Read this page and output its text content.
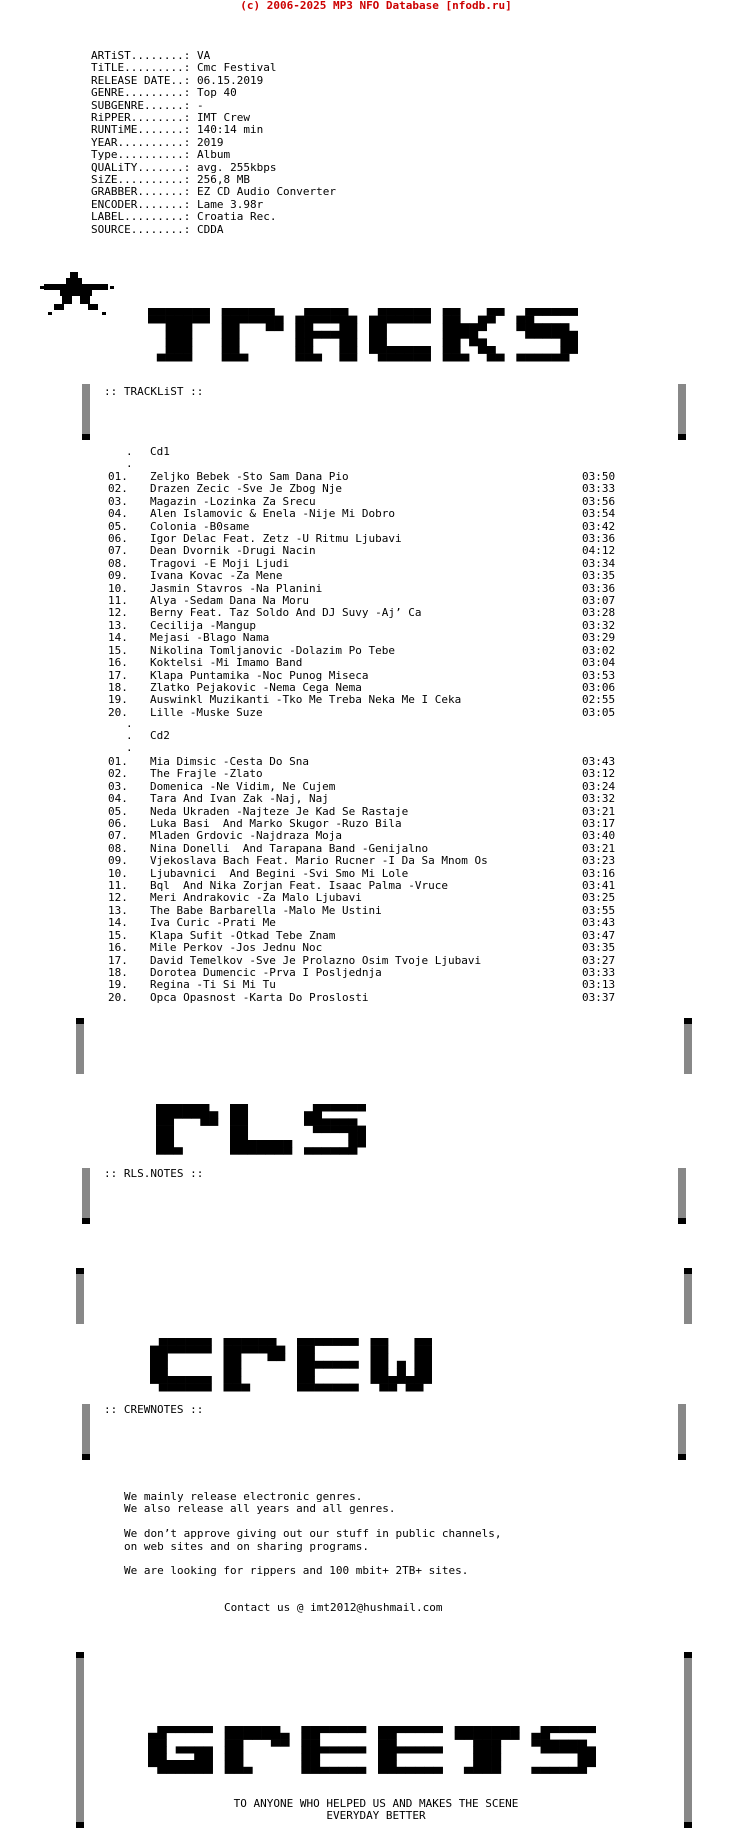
(c) 2006-2025 MP3 NFO Database [nfodb.ru]
ARTiST........: VA
TiTLE.........: Cmc Festival
RELEASE DATE..: 06.15.2019
GENRE.........: Top 40
SUBGENRE......: -
RiPPER........: IMT Crew
RUNTiME.......: 140:14 min
YEAR..........: 2019
Type..........: Album
QUALiTY.......: avg. 255kbps
SiZE..........: 256,8 MB
GRABBER.......: EZ CD Audio Converter
ENCODER.......: Lame 3.98r
LABEL.........: Croatia Rec.
SOURCE........: CDDA
:: TRACKLiST ::
. Cd1
.
01. Zeljko Bebek -Sto Sam Dana Pio	03:50
02. Drazen Zecic -Sve Je Zbog Nje	03:33
03. Magazin -Lozinka Za Srecu	03:56
04. Alen Islamovic & Enela -Nije Mi Dobro	03:54
05. Colonia -B0same	03:42
06. Igor Delac Feat. Zetz -U Ritmu Ljubavi	03:36
07. Dean Dvornik -Drugi Nacin	04:12
08. Tragovi -E Moji Ljudi	03:34
09. Ivana Kovac -Za Mene	03:35
10. Jasmin Stavros -Na Planini	03:36
11. Alya -Sedam Dana Na Moru	03:07
12. Berny Feat. Taz Soldo And DJ Suvy -Aj’ Ca	03:28
13. Cecilija -Mangup	03:32
14. Mejasi -Blago Nama	03:29
15. Nikolina Tomljanovic -Dolazim Po Tebe	03:02
16. Koktelsi -Mi Imamo Band	03:04
17. Klapa Puntamika -Noc Punog Miseca	03:53
18. Zlatko Pejakovic -Nema Cega Nema	03:06
19. Auswinkl Muzikanti -Tko Me Treba Neka Me I Ceka	02:55
20. Lille -Muske Suze	03:05
.
. Cd2
.
01. Mia Dimsic -Cesta Do Sna	03:43
02. The Frajle -Zlato	03:12
03. Domenica -Ne Vidim, Ne Cujem	03:24
04. Tara And Ivan Zak -Naj, Naj	03:32
05. Neda Ukraden -Najteze Je Kad Se Rastaje	03:21
06. Luka Basi  And Marko Skugor -Ruzo Bila	03:17
07. Mladen Grdovic -Najdraza Moja	03:40
08. Nina Donelli  And Tarapana Band -Genijalno	03:21
09. Vjekoslava Bach Feat. Mario Rucner -I Da Sa Mnom Os	03:23
10. Ljubavnici  And Begini -Svi Smo Mi Lole	03:16
11. Bql  And Nika Zorjan Feat. Isaac Palma -Vruce	03:41
12. Meri Andrakovic -Za Malo Ljubavi	03:25
13. The Babe Barbarella -Malo Me Ustini	03:55
14. Iva Curic -Prati Me	03:43
15. Klapa Sufit -Otkad Tebe Znam	03:47
16. Mile Perkov -Jos Jednu Noc	03:35
17. David Temelkov -Sve Je Prolazno Osim Tvoje Ljubavi	03:27
18. Dorotea Dumencic -Prva I Posljednja	03:33
19. Regina -Ti Si Mi Tu	03:13
20. Opca Opasnost -Karta Do Proslosti	03:37
:: RLS.NOTES ::
:: CREWNOTES ::
We mainly release electronic genres.
We also release all years and all genres.

We don’t approve giving out our stuff in public channels,
on web sites and on sharing programs.

We are looking for rippers and 100 mbit+ 2TB+ sites.
Contact us @ imt2012@hushmail.com
TO ANYONE WHO HELPED US AND MAKES THE SCENE
EVERYDAY BETTER
